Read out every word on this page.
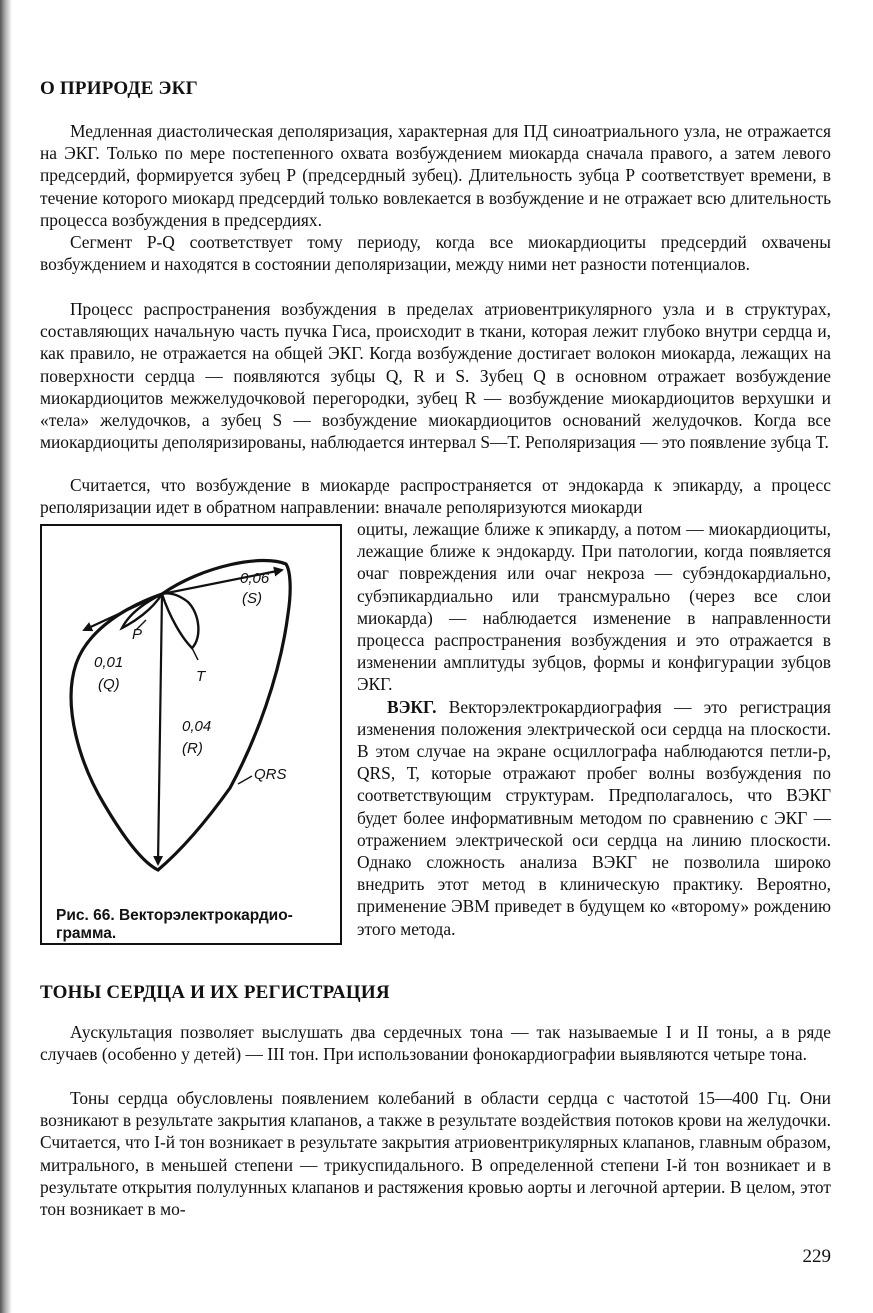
О ПРИРОДЕ ЭКГ

Медленная диастолическая деполяризация, характерная для ПД синоатриального узла, не отражается на ЭКГ. Только по мере постепенного охвата возбуждением миокарда сначала правого, а затем левого предсердий, формируется зубец Р (предсердный зубец). Длительность зубца Р соответствует времени, в течение которого миокард предсердий только вовлекается в возбуждение и не отражает всю длительность процесса возбуждения в предсердиях.

Сегмент P-Q соответствует тому периоду, когда все миокардиоциты предсердий охвачены возбуждением и находятся в состоянии деполяризации, между ними нет разности потенциалов.

Процесс распространения возбуждения в пределах атриовентрикулярного узла и в структурах, составляющих начальную часть пучка Гиса, происходит в ткани, которая лежит глубоко внутри сердца и, как правило, не отражается на общей ЭКГ. Когда возбуждение достигает волокон миокарда, лежащих на поверхности сердца — появляются зубцы Q, R и S. Зубец Q в основном отражает возбуждение миокардиоцитов межжелудочковой перегородки, зубец R — возбуждение миокардиоцитов верхушки и «тела» желудочков, а зубец S — возбуждение миокардиоцитов оснований желудочков. Когда все миокардиоциты деполяризированы, наблюдается интервал S—Т. Реполяризация — это появление зубца Т.

Считается, что возбуждение в миокарде распространяется от эндокарда к эпикарду, а процесс реполяризации идет в обратном направлении: вначале реполяризуются миокарди

0,06
(S)
P
0,01
(Q)	T
0,04
(R)
QRS

Рис. 66. Векторэлектрокардиограмма.

оциты, лежащие ближе к эпикарду, а потом — миокардиоциты, лежащие ближе к эндокарду. При патологии, когда появляется очаг повреждения или очаг некроза — субэндокардиально, субэпикардиально или трансмурально (через все слои миокарда) — наблюдается изменение в направленности процесса распространения возбуждения и это отражается в изменении амплитуды зубцов, формы и конфигурации зубцов ЭКГ.

ВЭКГ. Векторэлектрокардиография — это регистрация изменения положения электрической оси сердца на плоскости. В этом случае на экране осциллографа наблюдаются петли-р, QRS, Т, которые отражают пробег волны возбуждения по соответствующим структурам. Предполагалось, что ВЭКГ будет более информативным методом по сравнению с ЭКГ — отражением электрической оси сердца на линию плоскости. Однако сложность анализа ВЭКГ не позволила широко внедрить этот метод в клиническую практику. Вероятно, применение ЭВМ приведет в будущем ко «второму» рождению этого метода.

ТОНЫ СЕРДЦА И ИХ РЕГИСТРАЦИЯ

Аускультация позволяет выслушать два сердечных тона — так называемые I и II тоны, а в ряде случаев (особенно у детей) — III тон. При использовании фонокардиографии выявляются четыре тона.

Тоны сердца обусловлены появлением колебаний в области сердца с частотой 15—400 Гц. Они возникают в результате закрытия клапанов, а также в результате воздействия потоков крови на желудочки. Считается, что I-й тон возникает в результате закрытия атриовентрикулярных клапанов, главным образом, митрального, в меньшей степени — трикуспидального. В определенной степени I-й тон возникает и в результате открытия полулунных клапанов и растяжения кровью аорты и легочной артерии. В целом, этот тон возникает в мо-

229
